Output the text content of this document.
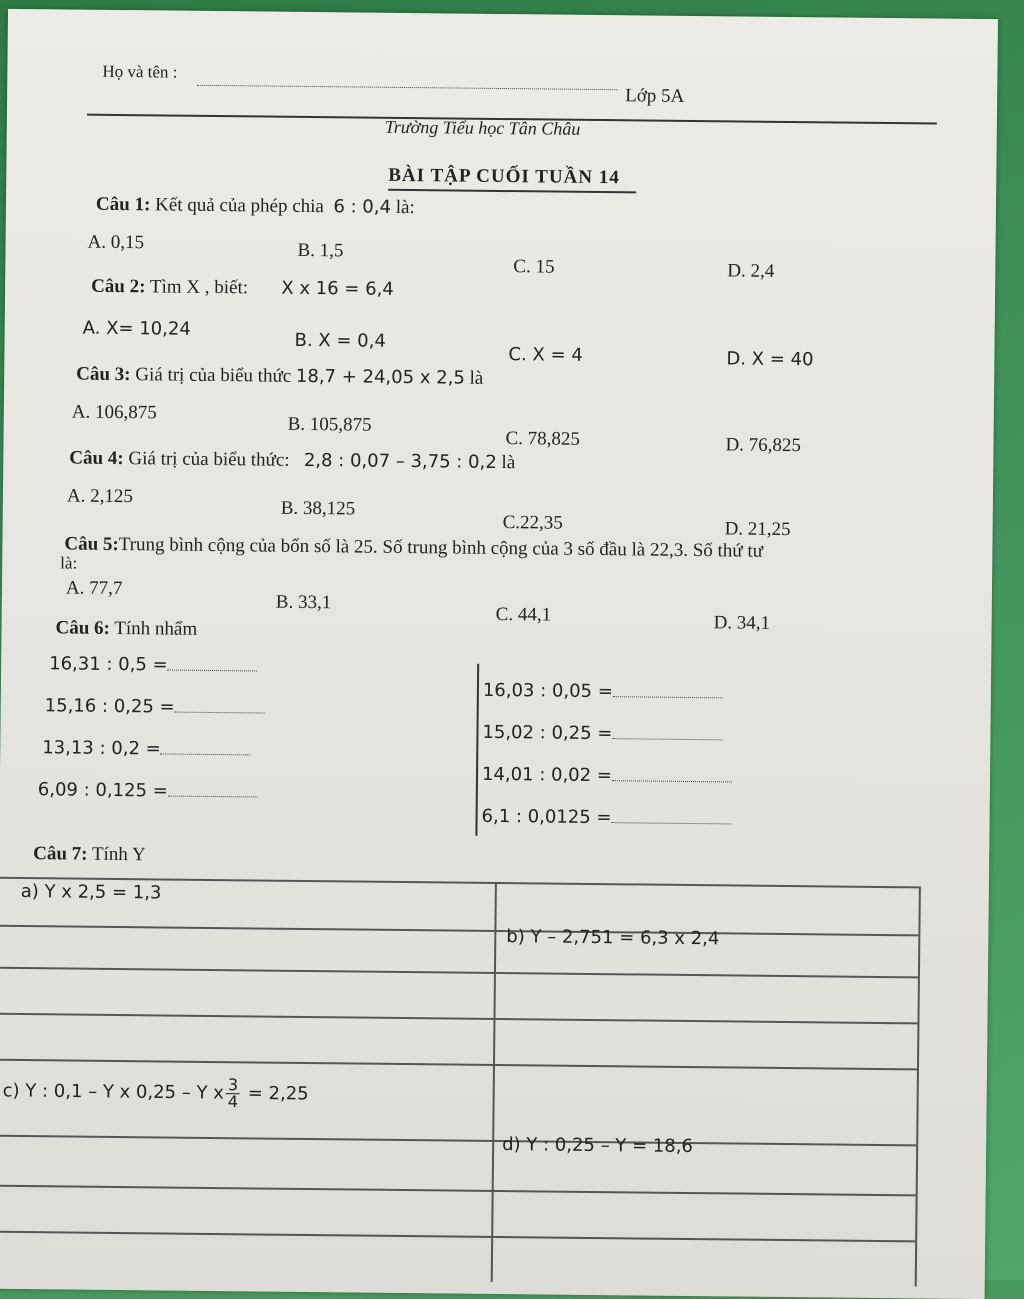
Họ và tên :
Lớp 5A
Trường Tiểu học Tân Châu
BÀI TẬP CUỐI TUẦN 14
Câu 1: Kết quả của phép chia 6 : 0,4 là:
A. 0,15	B. 1,5
C. 15	D. 2,4
Câu 2: Tìm X , biết: X x 16 = 6,4
A. X= 10,24
B. X = 0,4
C. X = 4	D. X = 40
Câu 3: Giá trị của biểu thức 18,7 + 24,05 x 2,5 là
A. 106,875
B. 105,875
C. 78,825	D. 76,825
Câu 4: Giá trị của biểu thức: 2,8 : 0,07 – 3,75 : 0,2 là
A. 2,125
B. 38,125
C.22,35	D. 21,25
Câu 5:Trung bình cộng của bốn số là 25. Số trung bình cộng của 3 số đầu là 22,3. Số thứ tư
là:
A. 77,7
B. 33,1
C. 44,1	D. 34,1
Câu 6: Tính nhẩm
16,31 : 0,5 =
15,16 : 0,25 =
13,13 : 0,2 =
6,09 : 0,125 =
16,03 : 0,05 =
15,02 : 0,25 =
14,01 : 0,02 =
6,1 : 0,0125 =
Câu 7: Tính Y
a) Y x 2,5 = 1,3
b) Y – 2,751 = 6,3 x 2,4
c) Y : 0,1 – Y x 0,25 – Y x $\frac{3}{4} = 2,25$
d) Y : 0,25 – Y = 18,6
